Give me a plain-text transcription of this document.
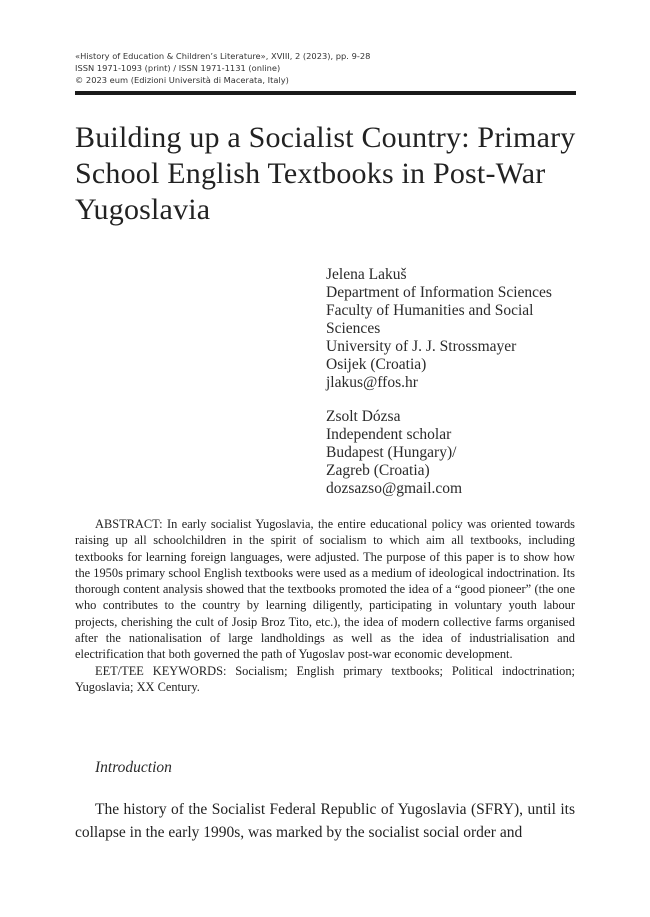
«History of Education & Children’s Literature», XVIII, 2 (2023), pp. 9-28
ISSN 1971-1093 (print) / ISSN 1971-1131 (online)
© 2023 eum (Edizioni Università di Macerata, Italy)
Building up a Socialist Country: Primary School English Textbooks in Post-War Yugoslavia
Jelena Lakuš
Department of Information Sciences
Faculty of Humanities and Social
Sciences
University of J. J. Strossmayer
Osijek (Croatia)
jlakus@ffos.hr
Zsolt Dózsa
Independent scholar
Budapest (Hungary)/
Zagreb (Croatia)
dozsazso@gmail.com

ABSTRACT: In early socialist Yugoslavia, the entire educational policy was oriented towards raising up all schoolchildren in the spirit of socialism to which aim all textbooks, including textbooks for learning foreign languages, were adjusted. The purpose of this paper is to show how the 1950s primary school English textbooks were used as a medium of ideological indoctrination. Its thorough content analysis showed that the textbooks promoted the idea of a “good pioneer” (the one who contributes to the country by learning diligently, participating in voluntary youth labour projects, cherishing the cult of Josip Broz Tito, etc.), the idea of modern collective farms organised after the nationalisation of large landholdings as well as the idea of industrialisation and electrification that both governed the path of Yugoslav post-war economic development.

EET/TEE KEYWORDS: Socialism; English primary textbooks; Political indoctrination; Yugoslavia; XX Century.

Introduction

The history of the Socialist Federal Republic of Yugoslavia (SFRY), until its collapse in the early 1990s, was marked by the socialist social order and
